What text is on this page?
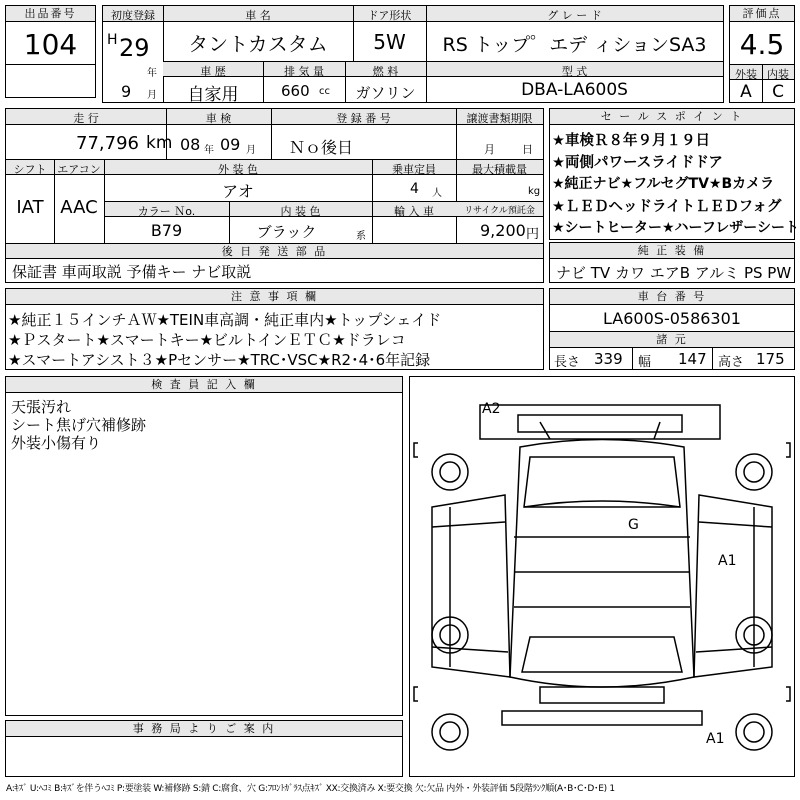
出品番号
104
初度登録	車 名	ドア形状	グ レ ー ド
H 29
年
9 月
タントカスタム	5W	RS トップ゜エデ ィションSA3
車 歴	排 気 量	燃 料	型 式
自家用	660 cc	ガソリン	DBA-LA600S
評価点
4.5
外装 内装
A	C
走 行	車 検	登 録 番 号	譲渡書類期限
77,796 km 08 年 09 月 Ｎｏ後日	月 日
シフト エアコン	外 装 色	乗車定員	最大積載量
IAT AAC
アオ	4 人	kg
カラー Ｎo.	内 装 色	輸 入 車	リサイクル預託金
B79	ブラック	系	9,200 円
後 日 発 送 部 品
保証書 車両取説 予備キー ナビ取説
セ ー ル ス ポ イ ン ト
★車検Ｒ８年９月１９日
★両側パワースライドドア
★純正ナビ★フルセグTV★Bカメラ
★ＬＥＤヘッドライトＬＥＤフォグ
★シートヒーター★ハーフレザーシート
純 正 装 備
ナビ TV カワ エアB アルミ PS PW
注 意 事 項 欄
★純正１５インチＡＷ★TEIN車高調・純正車内★トップシェイド
★Ｐスタート★スマートキー★ビルトインＥＴＣ★ドラレコ
★スマートアシスト３★Pセンサー★TRC･VSC★R2･4･6年記録
車 台 番 号
LA600S-0586301
諸 元
長さ 339 幅 147 高さ 175
検 査 員 記 入 欄
天張汚れ
シート焦げ穴補修跡
外装小傷有り
事 務 局 よ り ご 案 内
A2
G
A1
A1
A:ｷｽﾞ U:ﾍｺﾐ B:ｷｽﾞを伴うﾍｺﾐ P:要塗装 W:補修跡 S:錆 C:腐食、穴 G:ﾌﾛﾝﾄｶﾞﾗｽ点ｷｽﾞ XX:交換済み X:要交換 欠:欠品 内外・外装評価 5段階ﾗﾝｸ順(A･B･C･D･E) 1
